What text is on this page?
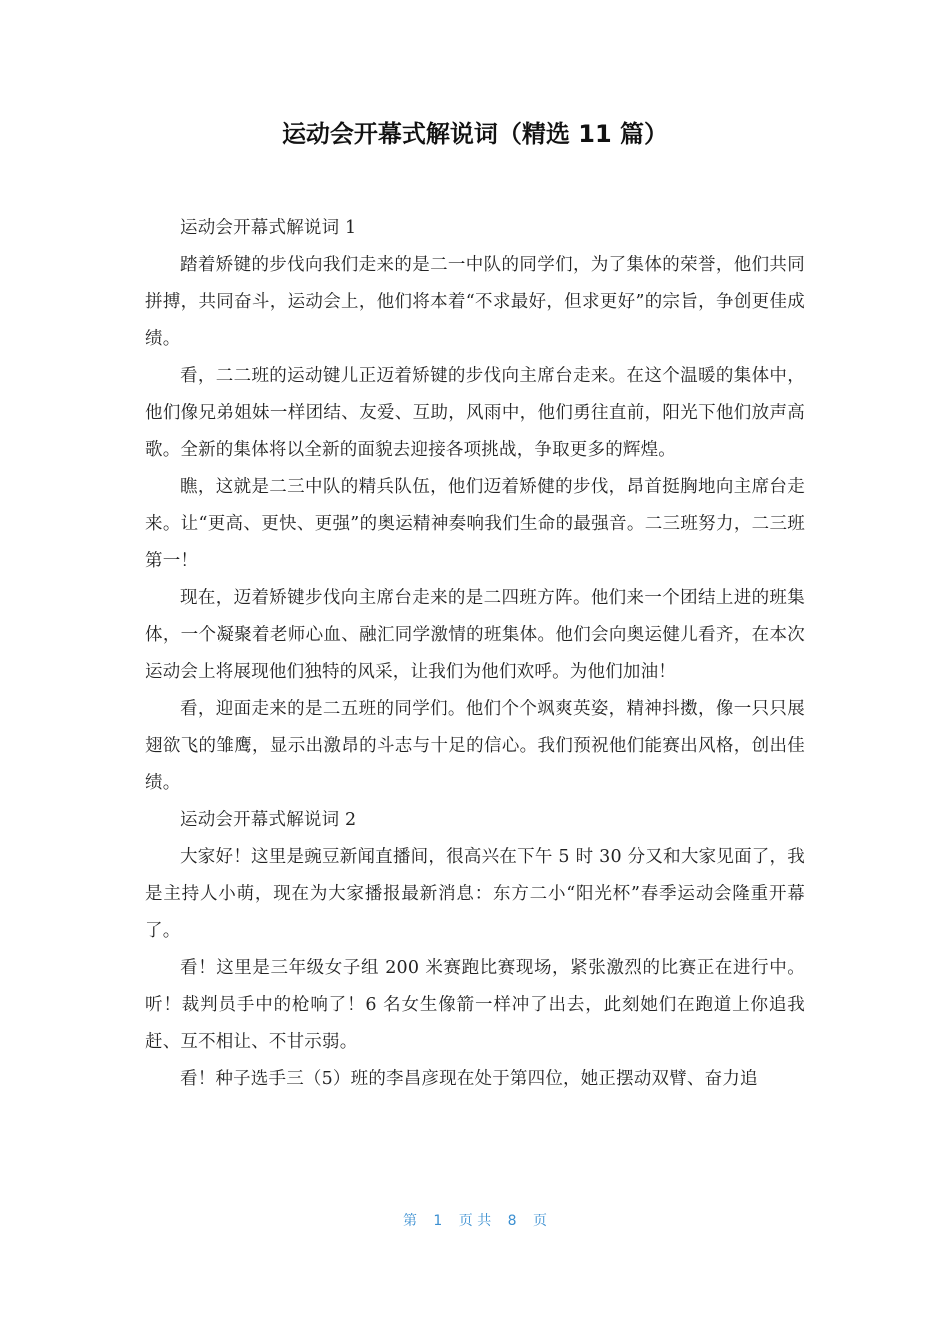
运动会开幕式解说词（精选 11 篇）

运动会开幕式解说词 1

踏着矫键的步伐向我们走来的是二一中队的同学们，为了集体的荣誉，他们共同拼搏，共同奋斗，运动会上，他们将本着“不求最好，但求更好”的宗旨，争创更佳成绩。

看，二二班的运动键儿正迈着矫键的步伐向主席台走来。在这个温暖的集体中，他们像兄弟姐妹一样团结、友爱、互助，风雨中，他们勇往直前，阳光下他们放声高歌。全新的集体将以全新的面貌去迎接各项挑战，争取更多的辉煌。

瞧，这就是二三中队的精兵队伍，他们迈着矫健的步伐，昂首挺胸地向主席台走来。让“更高、更快、更强”的奥运精神奏响我们生命的最强音。二三班努力，二三班第一！

现在，迈着矫键步伐向主席台走来的是二四班方阵。他们来一个团结上进的班集体，一个凝聚着老师心血、融汇同学激情的班集体。他们会向奥运健儿看齐，在本次运动会上将展现他们独特的风采，让我们为他们欢呼。为他们加油！

看，迎面走来的是二五班的同学们。他们个个飒爽英姿，精神抖擞，像一只只展翅欲飞的雏鹰，显示出激昂的斗志与十足的信心。我们预祝他们能赛出风格，创出佳绩。

运动会开幕式解说词 2

大家好！这里是豌豆新闻直播间，很高兴在下午 5 时 30 分又和大家见面了，我是主持人小萌，现在为大家播报最新消息：东方二小“阳光杯”春季运动会隆重开幕了。

看！这里是三年级女子组 200 米赛跑比赛现场，紧张激烈的比赛正在进行中。听！裁判员手中的枪响了！6 名女生像箭一样冲了出去，此刻她们在跑道上你追我赶、互不相让、不甘示弱。

看！种子选手三（5）班的李昌彦现在处于第四位，她正摆动双臂、奋力追

第 1 页 共 8 页
